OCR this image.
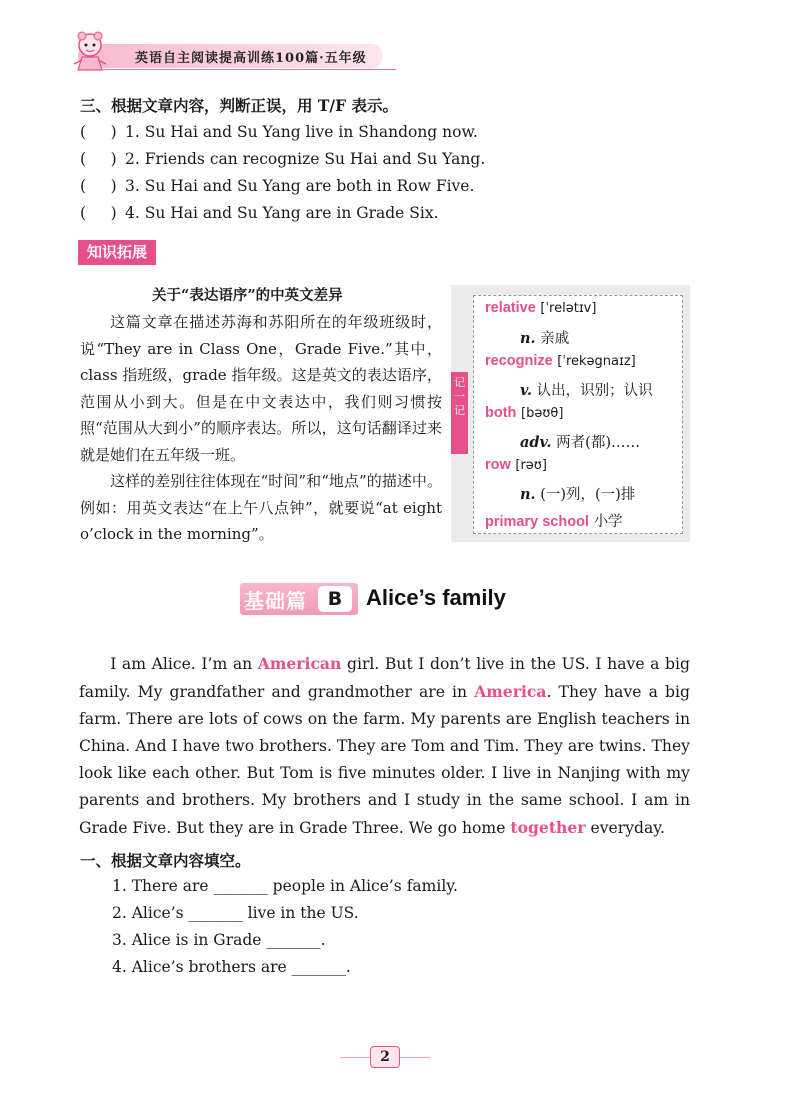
英语自主阅读提高训练100篇·五年级
三、根据文章内容，判断正误，用 T/F 表示。
(     ) 1. Su Hai and Su Yang live in Shandong now.
(     ) 2. Friends can recognize Su Hai and Su Yang.
(     ) 3. Su Hai and Su Yang are both in Row Five.
(     ) 4. Su Hai and Su Yang are in Grade Six.
知识拓展
关于“表达语序”的中英文差异

这篇文章在描述苏海和苏阳所在的年级班级时，说“They are in Class One，Grade Five.”其中，class 指班级，grade 指年级。这是英文的表达语序，范围从小到大。但是在中文表达中，我们则习惯按照“范围从大到小”的顺序表达。所以，这句话翻译过来就是她们在五年级一班。

这样的差别往往体现在“时间”和“地点”的描述中。例如：用英文表达“在上午八点钟”，就要说“at eight o’clock in the morning”。

记
一
记
relative [ˈrelətɪv]
n. 亲戚
recognize [ˈrekəgnaɪz]
v. 认出，识别；认识
both [bəʊθ]
adv. 两者(都)……
row [rəʊ]
n. (一)列，(一)排
primary school 小学
基础篇	B	Alice’s family

I am Alice. I’m an American girl. But I don’t live in the US. I have a big family. My grandfather and grandmother are in America. They have a big farm. There are lots of cows on the farm. My parents are English teachers in China. And I have two brothers. They are Tom and Tim. They are twins. They look like each other. But Tom is five minutes older. I live in Nanjing with my parents and brothers. My brothers and I study in the same school. I am in Grade Five. But they are in Grade Three. We go home together everyday.

一、根据文章内容填空。
1. There are _______ people in Alice’s family.
2. Alice’s _______ live in the US.
3. Alice is in Grade _______.
4. Alice’s brothers are _______.
2
